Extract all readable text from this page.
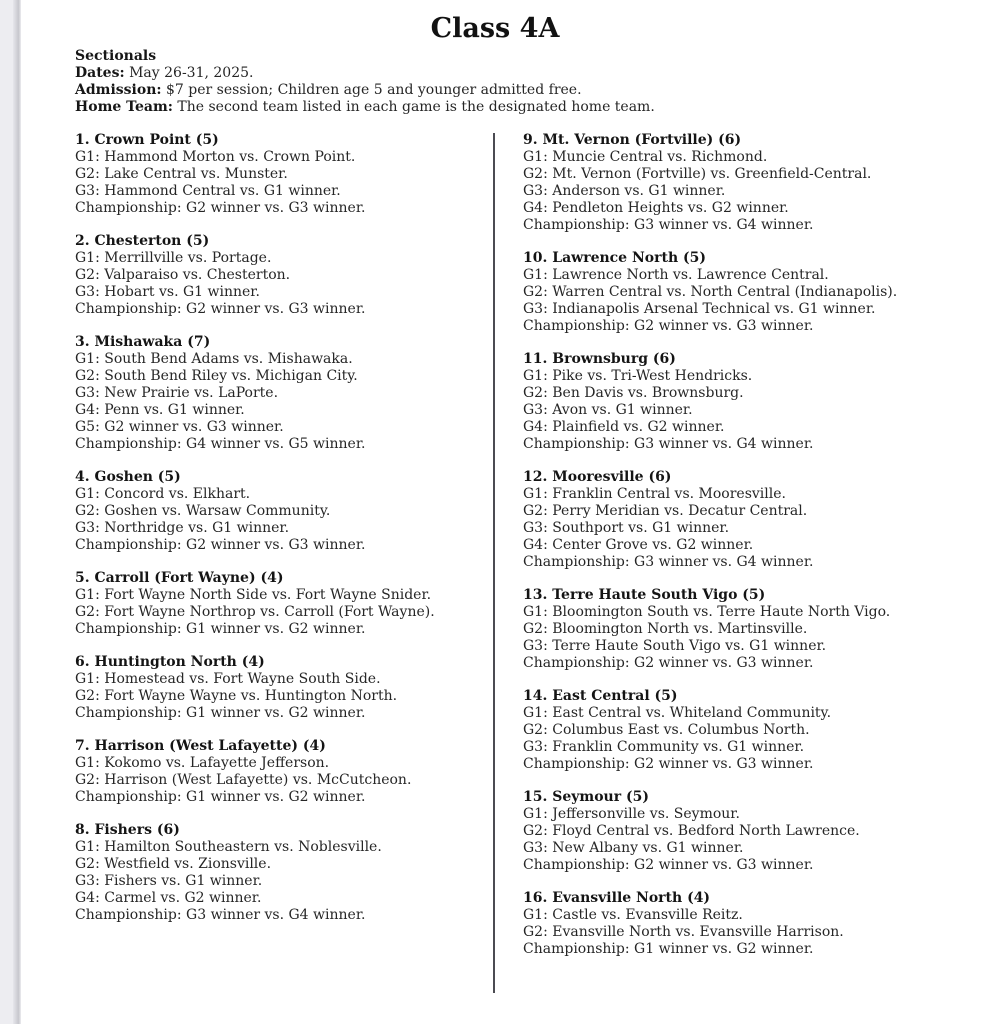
Class 4A
Sectionals
Dates: May 26-31, 2025.
Admission: $7 per session; Children age 5 and younger admitted free.
Home Team: The second team listed in each game is the designated home team.
1. Crown Point (5)
G1: Hammond Morton vs. Crown Point.
G2: Lake Central vs. Munster.
G3: Hammond Central vs. G1 winner.
Championship: G2 winner vs. G3 winner.
2. Chesterton (5)
G1: Merrillville vs. Portage.
G2: Valparaiso vs. Chesterton.
G3: Hobart vs. G1 winner.
Championship: G2 winner vs. G3 winner.
3. Mishawaka (7)
G1: South Bend Adams vs. Mishawaka.
G2: South Bend Riley vs. Michigan City.
G3: New Prairie vs. LaPorte.
G4: Penn vs. G1 winner.
G5: G2 winner vs. G3 winner.
Championship: G4 winner vs. G5 winner.
4. Goshen (5)
G1: Concord vs. Elkhart.
G2: Goshen vs. Warsaw Community.
G3: Northridge vs. G1 winner.
Championship: G2 winner vs. G3 winner.
5. Carroll (Fort Wayne) (4)
G1: Fort Wayne North Side vs. Fort Wayne Snider.
G2: Fort Wayne Northrop vs. Carroll (Fort Wayne).
Championship: G1 winner vs. G2 winner.
6. Huntington North (4)
G1: Homestead vs. Fort Wayne South Side.
G2: Fort Wayne Wayne vs. Huntington North.
Championship: G1 winner vs. G2 winner.
7. Harrison (West Lafayette) (4)
G1: Kokomo vs. Lafayette Jefferson.
G2: Harrison (West Lafayette) vs. McCutcheon.
Championship: G1 winner vs. G2 winner.
8. Fishers (6)
G1: Hamilton Southeastern vs. Noblesville.
G2: Westfield vs. Zionsville.
G3: Fishers vs. G1 winner.
G4: Carmel vs. G2 winner.
Championship: G3 winner vs. G4 winner.
9. Mt. Vernon (Fortville) (6)
G1: Muncie Central vs. Richmond.
G2: Mt. Vernon (Fortville) vs. Greenfield-Central.
G3: Anderson vs. G1 winner.
G4: Pendleton Heights vs. G2 winner.
Championship: G3 winner vs. G4 winner.
10. Lawrence North (5)
G1: Lawrence North vs. Lawrence Central.
G2: Warren Central vs. North Central (Indianapolis).
G3: Indianapolis Arsenal Technical vs. G1 winner.
Championship: G2 winner vs. G3 winner.
11. Brownsburg (6)
G1: Pike vs. Tri-West Hendricks.
G2: Ben Davis vs. Brownsburg.
G3: Avon vs. G1 winner.
G4: Plainfield vs. G2 winner.
Championship: G3 winner vs. G4 winner.
12. Mooresville (6)
G1: Franklin Central vs. Mooresville.
G2: Perry Meridian vs. Decatur Central.
G3: Southport vs. G1 winner.
G4: Center Grove vs. G2 winner.
Championship: G3 winner vs. G4 winner.
13. Terre Haute South Vigo (5)
G1: Bloomington South vs. Terre Haute North Vigo.
G2: Bloomington North vs. Martinsville.
G3: Terre Haute South Vigo vs. G1 winner.
Championship: G2 winner vs. G3 winner.
14. East Central (5)
G1: East Central vs. Whiteland Community.
G2: Columbus East vs. Columbus North.
G3: Franklin Community vs. G1 winner.
Championship: G2 winner vs. G3 winner.
15. Seymour (5)
G1: Jeffersonville vs. Seymour.
G2: Floyd Central vs. Bedford North Lawrence.
G3: New Albany vs. G1 winner.
Championship: G2 winner vs. G3 winner.
16. Evansville North (4)
G1: Castle vs. Evansville Reitz.
G2: Evansville North vs. Evansville Harrison.
Championship: G1 winner vs. G2 winner.
